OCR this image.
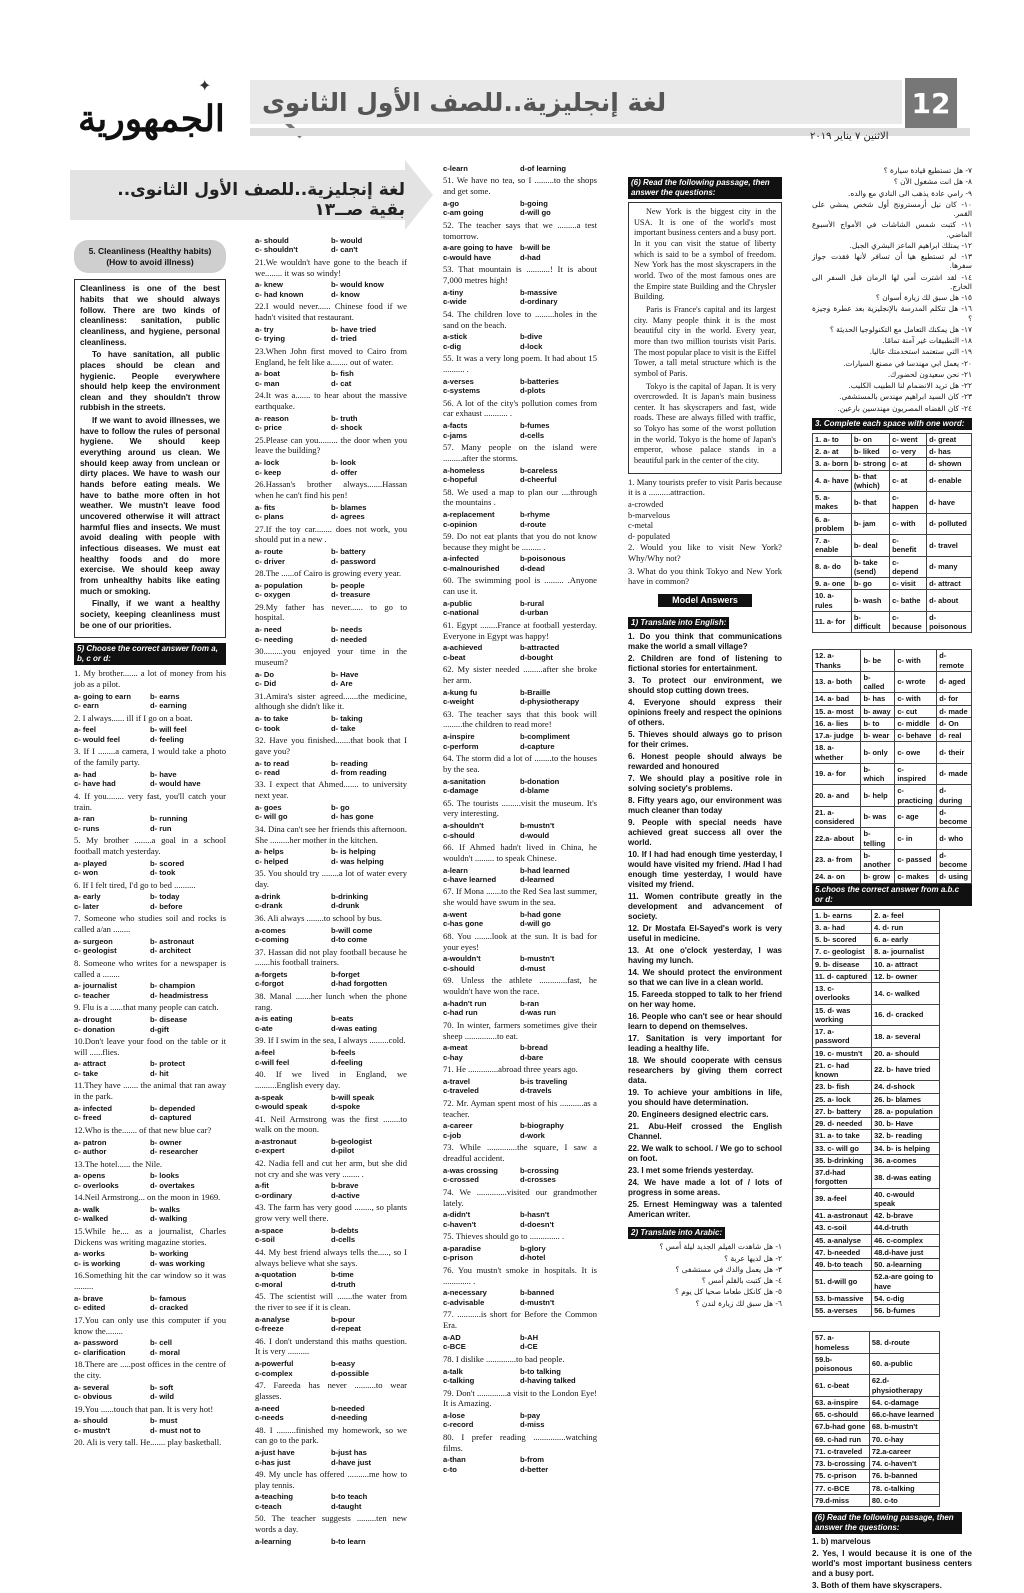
✦
الجمهورية لغة إنجليزية..للصف الأول الثانوى	12
الاثنين ٧ يناير ٢٠١٩
لغة إنجليزية..للصف الأول الثانوى.. بقية صــ١٣
5. Cleanliness (Healthy habits)
(How to avoid illness)

Cleanliness is one of the best habits that we should always follow. There are two kinds of cleanliness: sanitation, public cleanliness, and hygiene, personal cleanliness.

To have sanitation, all public places should be clean and hygienic. People everywhere should help keep the environment clean and they shouldn't throw rubbish in the streets.

If we want to avoid illnesses, we have to follow the rules of personal hygiene. We should keep everything around us clean. We should keep away from unclean or dirty places. We have to wash our hands before eating meals. We have to bathe more often in hot weather. We mustn't leave food uncovered otherwise it will attract harmful flies and insects. We must avoid dealing with people with infectious diseases. We must eat healthy foods and do more exercise. We should keep away from unhealthy habits like eating much or smoking.

Finally, if we want a healthy society, keeping cleanliness must be one of our priorities.

5) Choose the correct answer from a, b, c or d:

1. My brother....... a lot of money from his job as a pilot.

a- going to earn	b- earns
c- earn	d- earning

2. I always...... ill if I go on a boat.

a- feel	b- will feel
c- would feel	d- feeling

3. If I ........a camera, I would take a photo of the family party.

a- had	b- have
c- have had	d- would have

4. If you........ very fast, you'll catch your train.

a- ran	b- running
c- runs	d- run

5. My brother ........a goal in a school football match yesterday.

a- played	b- scored
c- won	d- took

6. If I felt tired, I'd go to bed ..........

a- early	b- today
c- later	d- before

7. Someone who studies soil and rocks is called a/an ........

a- surgeon	b- astronaut
c- geologist	d- architect

8. Someone who writes for a newspaper is called a ........

a- journalist	b- champion
c- teacher	d- headmistress

9. Flu is a ......that many people can catch.

a- drought	b- disease
c- donation	d-gift

10.Don't leave your food on the table or it will ......flies.

a- attract	b- protect
c- take	d- hit

11.They have ....... the animal that ran away in the park.

a- infected	b- depended
c- freed	d- captured

12.Who is the....... of that new blue car?

a- patron	b- owner
c- author	d- researcher

13.The hotel...... the Nile.

a- opens	b- looks
c- overlooks	d- overtakes

14.Neil Armstrong... on the moon in 1969.

a- walk	b- walks
c- walked	d- walking

15.While he.... as a journalist, Charles Dickens was writing magazine stories.

a- works	b- working
c- is working	d- was working

16.Something hit the car window so it was .........

a- brave	b- famous
c- edited	d- cracked

17.You can only use this computer if you know the........

a- password	b- cell
c- clarification	d- moral

18.There are .....post offices in the centre of the city.

a- several	b- soft
c- obvious	d- wild

19.You ......touch that pan. It is very hot!

a- should	b- must
c- mustn't	d- must not to

20. Ali is very tall. He....... play basketball.

a- should	b- would
c- shouldn't	d- can't

21.We wouldn't have gone to the beach if we........ it was so windy!

a- knew	b- would know
c- had known	d- know

22.I would never...... Chinese food if we hadn't visited that restaurant.

a- try	b- have tried
c- trying	d- tried

23.When John first moved to Cairo from England, he felt like a........ out of water.

a- boat	b- fish
c- man	d- cat

24.It was a....... to hear about the massive earthquake.

a- reason	b- truth
c- price	d- shock

25.Please can you......... the door when you leave the building?

a- lock	b- look
c- keep	d- offer

26.Hassan's brother always.......Hassan when he can't find his pen!

a- fits	b- blames
c- plans	d- agrees

27.If the toy car........ does not work, you should put in a new .

a- route	b- battery
c- driver	d- password

28.The ......of Cairo is growing every year.

a- population	b- people
c- oxygen	d- treasure

29.My father has never...... to go to hospital.

a- need	b- needs
c- needing	d- needed

30.........you enjoyed your time in the museum?

a- Do	b- Have
c- Did	d- Are

31.Amira's sister agreed.......the medicine, although she didn't like it.

a- to take	b- taking
c- took	d- take

32. Have you finished.......that book that I gave you?

a- to read	b- reading
c- read	d- from reading

33. I expect that Ahmed....... to university next year.

a- goes	b- go
c- will go	d- has gone

34. Dina can't see her friends this afternoon. She .........her mother in the kitchen.

a- helps	b- is helping
c- helped	d- was helping

35. You should try ........a lot of water every day.

a-drink	b-drinking
c-drank	d-drunk

36. Ali always ........to school by bus.

a-comes	b-will come
c-coming	d-to come

37. Hassan did not play football because he .......his football trainers.

a-forgets	b-forget
c-forgot	d-had forgotten

38. Manal .......her lunch when the phone rang.

a-is eating	b-eats
c-ate	d-was eating

39. If I swim in the sea, I always .........cold.

a-feel	b-feels
c-will feel	d-feeling

40. If we lived in England, we ..........English every day.

a-speak	b-will speak
c-would speak	d-spoke

41. Neil Armstrong was the first ........to walk on the moon.

a-astronaut	b-geologist
c-expert	d-pilot

42. Nadia fell and cut her arm, but she did not cry and she was very ........ .

a-fit	b-brave
c-ordinary	d-active

43. The farm has very good ........, so plants grow very well there.

a-space	b-debts
c-soil	d-cells

44. My best friend always tells the....., so I always believe what she says.

a-quotation	b-time
c-moral	d-truth

45. The scientist will .......the water from the river to see if it is clean.

a-analyse	b-pour
c-freeze	d-repeat

46. I don't understand this maths question. It is very ..........

a-powerful	b-easy
c-complex	d-possible

47. Fareeda has never ..........to wear glasses.

a-need	b-needed
c-needs	d-needing

48. I .........finished my homework, so we can go to the park.

a-just have	b-just has
c-has just	d-have just

49. My uncle has offered ..........me how to play tennis.

a-teaching	b-to teach
c-teach	d-taught

50. The teacher suggests .........ten new words a day.

a-learning	b-to learn
c-learn	d-of learning

51. We have no tea, so I .........to the shops and get some.

a-go	b-going
c-am going	d-will go

52. The teacher says that we .........a test tomorrow.

a-are going to have b-will be
c-would have	d-had

53. That mountain is ...........! It is about 7,000 metres high!

a-tiny	b-massive
c-wide	d-ordinary

54. The children love to .........holes in the sand on the beach.

a-stick	b-dive
c-dig	d-lock

55. It was a very long poem. It had about 15 .......... .

a-verses	b-batteries
c-systems	d-plots

56. A lot of the city's pollution comes from car exhaust ........... .

a-facts	b-fumes
c-jams	d-cells

57. Many people on the island were .........after the storms.

a-homeless	b-careless
c-hopeful	d-cheerful

58. We used a map to plan our ....through the mountains .

a-replacement	b-rhyme
c-opinion	d-route

59. Do not eat plants that you do not know because they might be ......... .

a-infected	b-poisonous
c-malnourished	d-dead

60. The swimming pool is ......... .Anyone can use it.

a-public	b-rural
c-national	d-urban

61. Egypt ........France at football yesterday. Everyone in Egypt was happy!

a-achieved	b-attracted
c-beat	d-bought

62. My sister needed .........after she broke her arm.

a-kung fu	b-Braille
c-weight	d-physiotherapy

63. The teacher says that this book will .........the children to read more!

a-inspire	b-compliment
c-perform	d-capture

64. The storm did a lot of ........to the houses by the sea.

a-sanitation	b-donation
c-damage	d-blame

65. The tourists .........visit the museum. It's very interesting.

a-shouldn't	b-mustn't
c-should	d-would

66. If Ahmed hadn't lived in China, he wouldn't ......... to speak Chinese.

a-learn	b-had learned
c-have learned	d-learned

67. If Mona .......to the Red Sea last summer, she would have swum in the sea.

a-went	b-had gone
c-has gone	d-will go

68. You ........look at the sun. It is bad for your eyes!

a-wouldn't	b-mustn't
c-should	d-must

69. Unless the athlete .............fast, he wouldn't have won the race.

a-hadn't run	b-ran
c-had run	d-was run

70. In winter, farmers sometimes give their sheep ...............to eat.

a-meat	b-bread
c-hay	d-bare

71. He ..............abroad three years ago.

a-travel	b-is traveling
c-traveled	d-travels

72. Mr. Ayman spent most of his ...........as a teacher.

a-career	b-biography
c-job	d-work

73. While ..............the square, I saw a dreadful accident.

a-was crossing	b-crossing
c-crossed	d-crosses

74. We ..............visited our grandmother lately.

a-didn't	b-hasn't
c-haven't	d-doesn't

75. Thieves should go to .............. .

a-paradise	b-glory
c-prison	d-hotel

76. You mustn't smoke in hospitals. It is ............. .

a-necessary	b-banned
c-advisable	d-mustn't

77. ...........is short for Before the Common Era.

a-AD	b-AH
c-BCE	d-CE

78. I dislike ..............to bad people.

a-talk	b-to talking
c-talking	d-having talked

79. Don't ..............a visit to the London Eye! It is Amazing.

a-lose	b-pay
c-record	d-miss

80. I prefer reading ...............watching films.

a-than	b-from
c-to	d-better
(6) Read the following passage, then answer the questions:

New York is the biggest city in the USA. It is one of the world's most important business centers and a busy port. In it you can visit the statue of liberty which is said to be a symbol of freedom. New York has the most skyscrapers in the world. Two of the most famous ones are the Empire state Building and the Chrysler Building.

Paris is France's capital and its largest city. Many people think it is the most beautiful city in the world. Every year, more than two million tourists visit Paris. The most popular place to visit is the Eiffel Tower, a tall metal structure which is the symbol of Paris.

Tokyo is the capital of Japan. It is very overcrowded. It is Japan's main business center. It has skyscrapers and fast, wide roads. These are always filled with traffic, so Tokyo has some of the worst pollution in the world. Tokyo is the home of Japan's emperor, whose palace stands in a beautiful park in the center of the city.

1. Many tourists prefer to visit Paris because it is a ..........attraction.

a-crowded
b-marvelous
c-metal
d- populated

2. Would you like to visit New York? Why/Why not?

3. What do you think Tokyo and New York have in common?

Model Answers
1) Translate into English:

1. Do you think that communications make the world a small village?

2. Children are fond of listening to fictional stories for entertainment.

3. To protect our environment, we should stop cutting down trees.

4. Everyone should express their opinions freely and respect the opinions of others.

5. Thieves should always go to prison for their crimes.

6. Honest people should always be rewarded and honoured

7. We should play a positive role in solving society's problems.

8. Fifty years ago, our environment was much cleaner than today

9. People with special needs have achieved great success all over the world.

10. If I had had enough time yesterday, I would have visited my friend. /Had I had enough time yesterday, I would have visited my friend.

11. Women contribute greatly in the development and advancement of society.

12. Dr Mostafa El-Sayed's work is very useful in medicine.

13. At one o'clock yesterday, I was having my lunch.

14. We should protect the environment so that we can live in a clean world.

15. Fareeda stopped to talk to her friend on her way home.

16. People who can't see or hear should learn to depend on themselves.

17. Sanitation is very important for leading a healthy life.

18. We should cooperate with census researchers by giving them correct data.

19. To achieve your ambitions in life, you should have determination.

20. Engineers designed electric cars.

21. Abu-Heif crossed the English Channel.

22. We walk to school. / We go to school on foot.

23. I met some friends yesterday.

24. We have made a lot of / lots of progress in some areas.

25. Ernest Hemingway was a talented American writer.

2) Translate into Arabic:

١- هل شاهدت الفيلم الجديد ليلة أمس ؟

٢- هل لديها عربة ؟

٣- هل يعمل والدك في مستشفى ؟

٤- هل كتبت بالقلم أمس ؟

٥- هل كانكل طعاما صحيا كل يوم ؟

٦- هل سبق لك زيارة لندن ؟

٧- هل تستطيع قيادة سيارة ؟

٨- هل انت مشغول الآن ؟

٩- رامي عادة يذهب الى النادي مع والده.

١٠- كان نيل أرمسترونج أول شخص يمشي على القمر.

١١- كتبت شمس الشاشات في الأمواج الأسبوع الماضي.

١٢- يمتلك ابراهيم الماعز البشري الجبل.

١٣- لم تستطيع هيا أن تسافر لأنها فقدت جواز سفرها.

١٤- لقد اشترت أمي لها الرمان قبل السفر الى الخارج.

١٥- هل سبق لك زيارة أسوان ؟

١٦- هل تتكلم المدرسة بالإنجليزية بعد عطرة وجيزة ؟

١٧- هل يمكنك التعامل مع التكنولوجيا الحديثة ؟

١٨- التطبيقات غير آمنة تمامًا.

١٩- التي ستعتمد استخدمتك عاليا.

٢٠- يعمل ابي مهندسا في مصنع السيارات.

٢١- نحن سعيدون لحضورك.

٢٢- هل تريد الانضمام لنا الطبيب الكليب.

٢٣- كان السيد ابراهيم مهندس بالمستشفى.

٢٤- كان القضاه المصريون مهندسين بارعين.

3. Complete each space with one word:
1. a- to	b- on	c- went	d- great
2. a- at	b- liked	c- very	d- has
3. a- born	b- strong	c- at	d- shown
4. a- have	b- that (which)	c- at	d- enable
5. a- makes	b- that	c- happen	d- have
6. a- problem	b- jam	c- with	d- polluted
7. a- enable	b- deal	c- benefit	d- travel
8. a- do	b- take (send)	c- depend	d- many
9. a- one	b- go	c- visit	d- attract
10. a- rules	b- wash	c- bathe	d- about
11. a- for	b- difficult	c- because	d- poisonous
12. a- Thanks	b- be	c- with	d- remote
13. a- both	b- called	c- wrote	d- aged
14. a- bad	b- has	c- with	d- for
15. a- most	b- away	c- cut	d- made
16. a- lies	b- to	c- middle	d- On
17.a- judge	b- wear	c- behave	d- real
18. a- whether	b- only	c- owe	d- their
19. a- for	b- which	c- inspired	d- made
20. a- and	b- help	c- practicing	d- during
21. a- considered	b- was	c- age	d- become
22.a- about	b- telling	c- in	d- who
23. a- from	b- another	c- passed	d- become
24. a- on	b- grow	c- makes	d- using
5.choos the correct answer from a.b.c or d:
1. b- earns	2. a- feel
3. a- had	4. d- run
5. b- scored	6. a- early
7. c- geologist	8. a- journalist
9. b- disease	10. a- attract
11. d- captured	12. b- owner
13. c- overlooks	14. c- walked
15. d- was working	16. d- cracked
17. a- password	18. a- several
19. c- mustn't	20. a- should
21. c- had known	22. b- have tried
23. b- fish	24. d-shock
25. a- lock	26. b- blames
27. b- battery	28. a- population
29. d- needed	30. b- Have
31. a- to take	32. b- reading
33. c- will go	34. b- is helping
35. b-drinking	36. a-comes
37.d-had forgotten	38. d-was eating
39. a-feel	40. c-would speak
41. a-astronaut	42. b-brave
43. c-soil	44.d-truth
45. a-analyse	46. c-complex
47. b-needed	48.d-have just
49. b-to teach	50. a-learning
51. d-will go	52.a-are going to have
53. b-massive	54. c-dig
55. a-verses	56. b-fumes
57. a-homeless	58. d-route
59.b-poisonous	60. a-public
61. c-beat	62.d-physiotherapy
63. a-inspire	64. c-damage
65. c-should	66.c-have learned
67.b-had gone	68. b-mustn't
69. c-had run	70. c-hay
71. c-traveled	72.a-career
73. b-crossing	74. c-haven't
75. c-prison	76. b-banned
77. c-BCE	78. c-talking
79.d-miss	80. c-to
(6) Read the following passage, then answer the questions:

1. b) marvelous

2. Yes, I would because it is one of the world's most important business centers and a busy port.

3. Both of them have skyscrapers.
